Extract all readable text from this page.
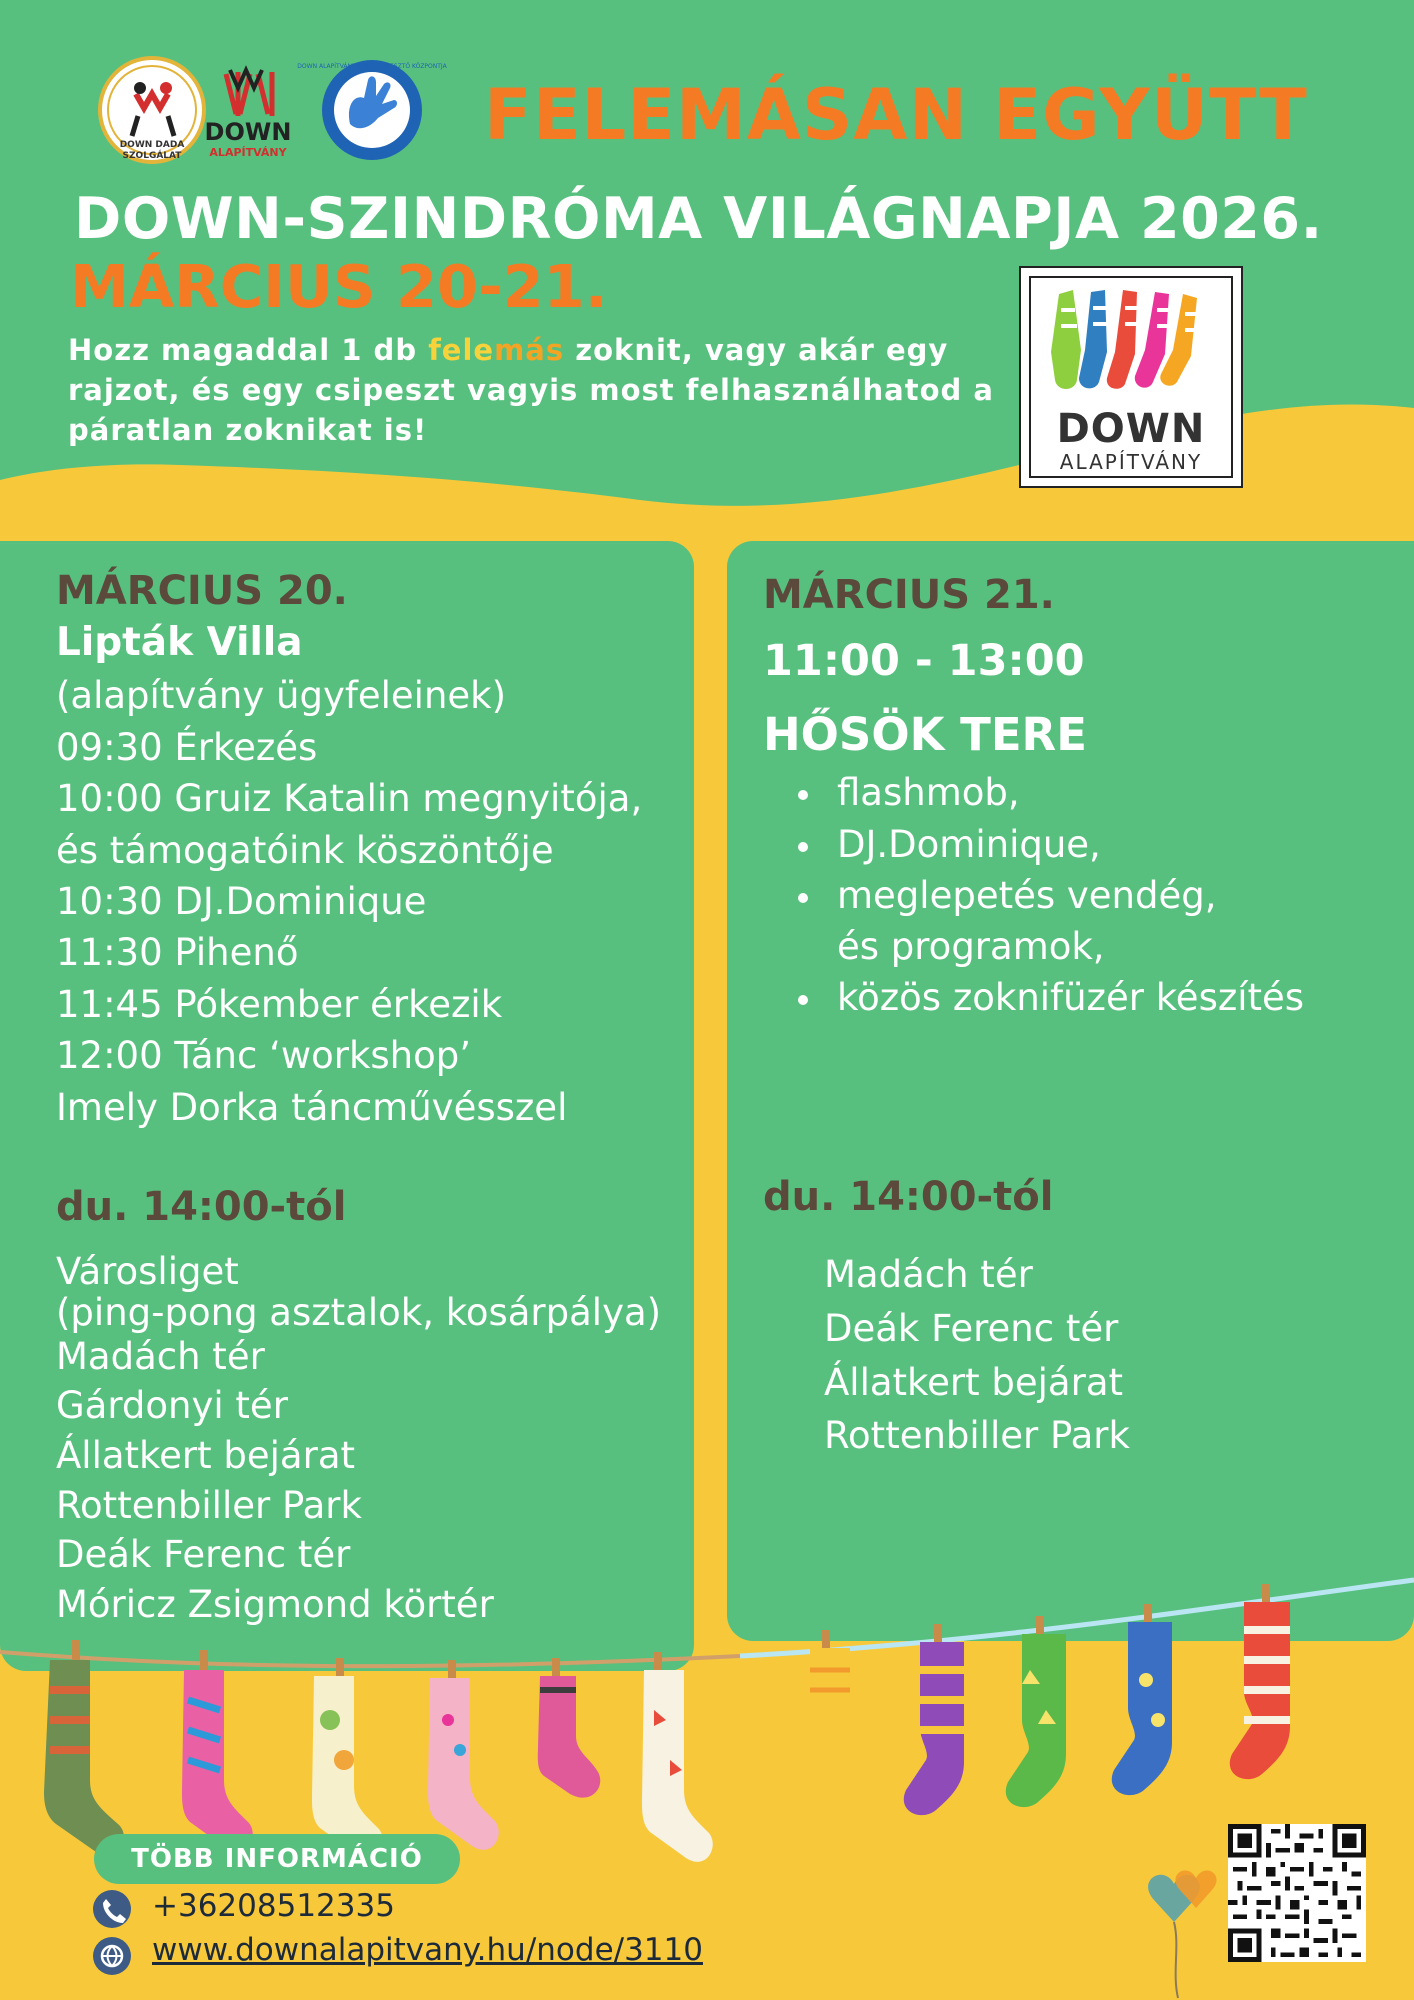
DOWN DADA
SZOLGÁLAT
DOWN
ALAPÍTVÁNY
DOWN ALAPÍTVÁNY KORAI FEJLESZTŐ KÖZPONTJA
FELEMÁSAN EGYÜTT
DOWN-SZINDRÓMA VILÁGNAPJA 2026.
MÁRCIUS 20-21.
Hozz magaddal 1 db felemás zoknit, vagy akár egy rajzot, és egy csipeszt vagyis most felhasználhatod a páratlan zoknikat is!	DOWN
ALAPÍTVÁNY
MÁRCIUS 20.
Lipták Villa
(alapítvány ügyfeleinek)
09:30 Érkezés
10:00 Gruiz Katalin megnyitója,
és támogatóink köszöntője
10:30 DJ.Dominique
11:30 Pihenő
11:45 Pókember érkezik
12:00 Tánc ‘workshop’
Imely Dorka táncművésszel
du. 14:00-tól
Városliget
(ping-pong asztalok, kosárpálya)
Madách tér
Gárdonyi tér
Állatkert bejárat
Rottenbiller Park
Deák Ferenc tér
Móricz Zsigmond körtér
MÁRCIUS 21.
11:00 - 13:00
HŐSÖK TERE
flashmob,
DJ.Dominique,
meglepetés vendég,
és programok,
közös zoknifüzér készítés
du. 14:00-tól
Madách tér
Deák Ferenc tér
Állatkert bejárat
Rottenbiller Park
TÖBB INFORMÁCIÓ
+36208512335
www.downalapitvany.hu/node/3110
